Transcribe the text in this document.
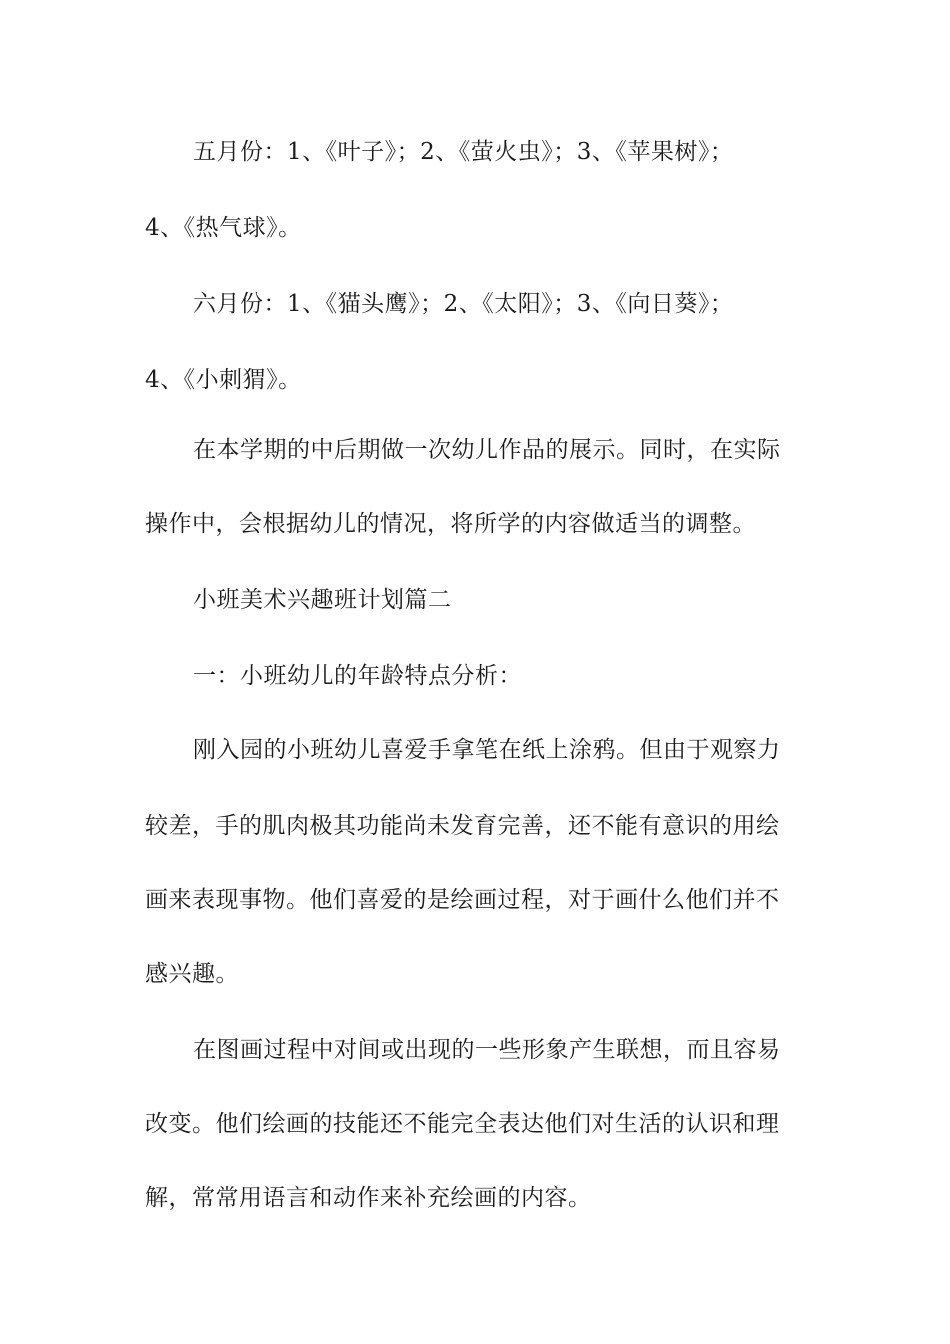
五月份：1、《叶子》；2、《萤火虫》；3、《苹果树》；
4、《热气球》。
六月份：1、《猫头鹰》；2、《太阳》；3、《向日葵》；
4、《小刺猬》。
在本学期的中后期做一次幼儿作品的展示。同时，在实际
操作中，会根据幼儿的情况，将所学的内容做适当的调整。
小班美术兴趣班计划篇二
一：小班幼儿的年龄特点分析：
刚入园的小班幼儿喜爱手拿笔在纸上涂鸦。但由于观察力
较差，手的肌肉极其功能尚未发育完善，还不能有意识的用绘
画来表现事物。他们喜爱的是绘画过程，对于画什么他们并不
感兴趣。
在图画过程中对间或出现的一些形象产生联想，而且容易
改变。他们绘画的技能还不能完全表达他们对生活的认识和理
解，常常用语言和动作来补充绘画的内容。
